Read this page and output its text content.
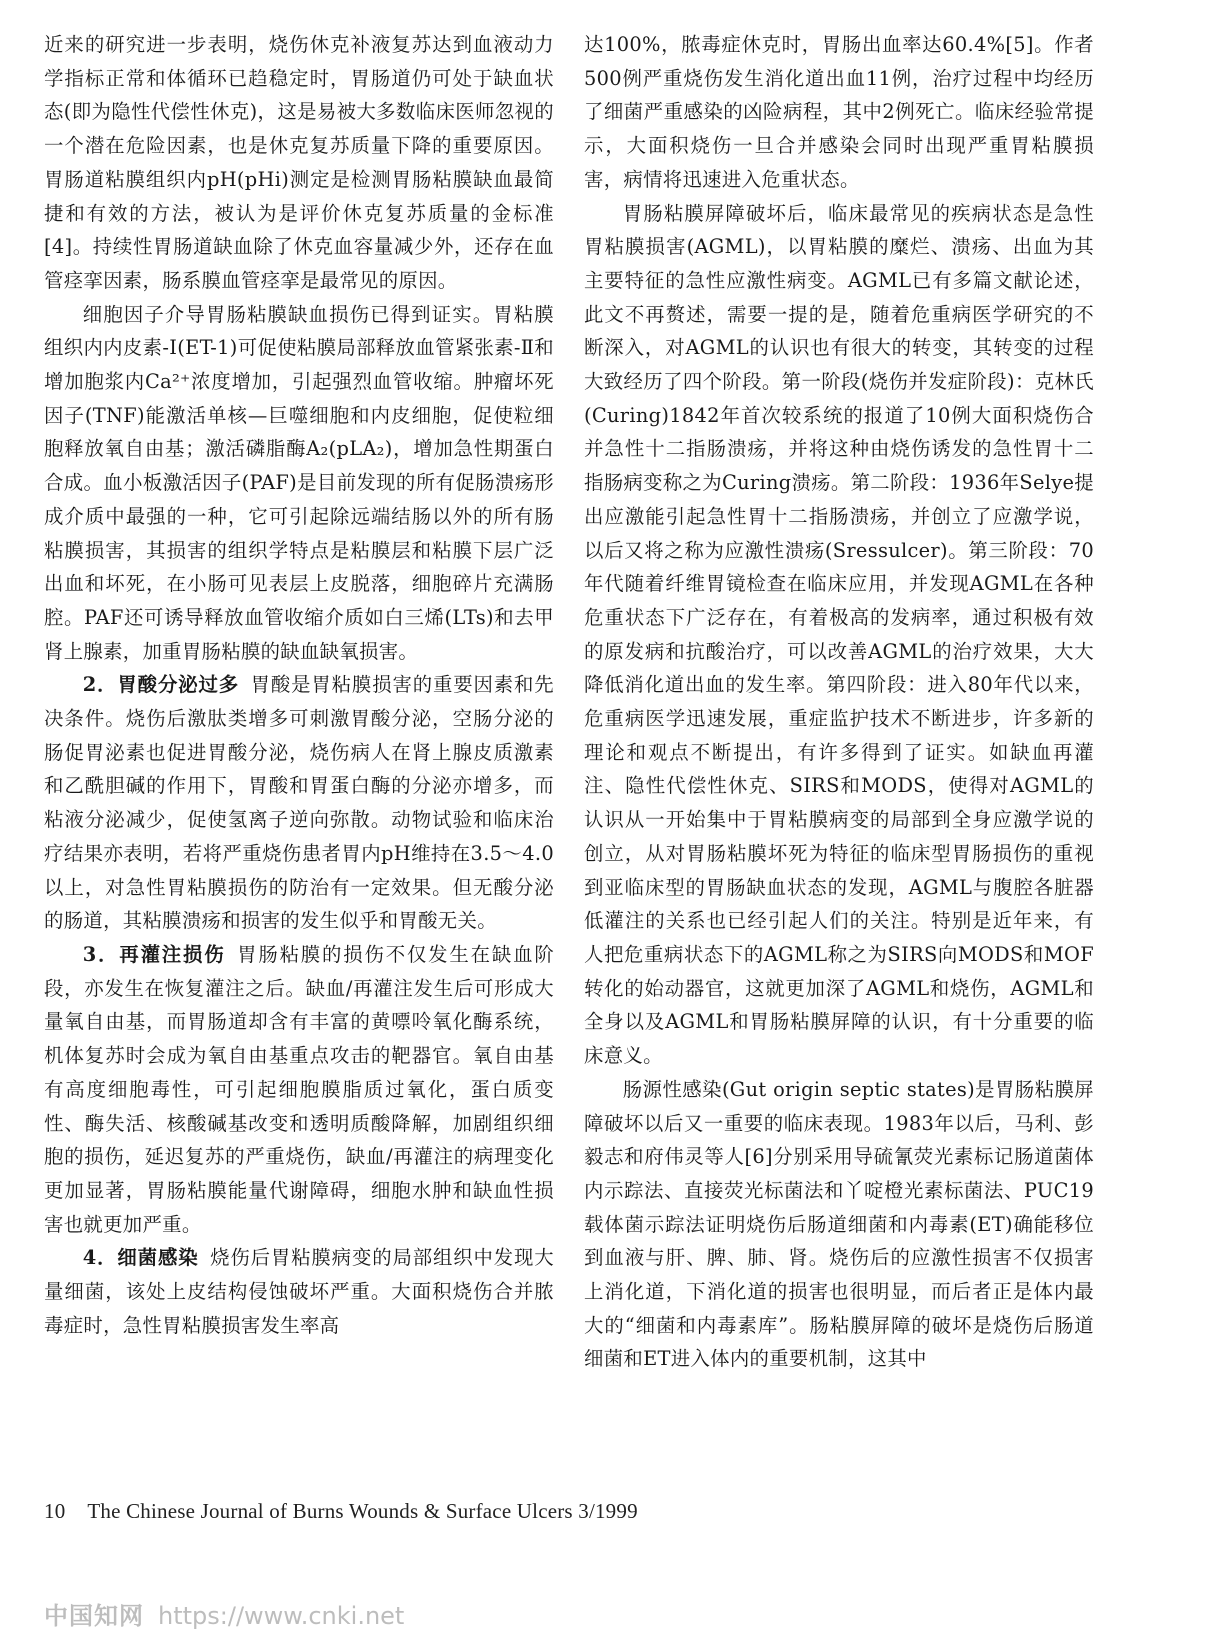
近来的研究进一步表明，烧伤休克补液复苏达到血液动力学指标正常和体循环已趋稳定时，胃肠道仍可处于缺血状态(即为隐性代偿性休克)，这是易被大多数临床医师忽视的一个潜在危险因素，也是休克复苏质量下降的重要原因。胃肠道粘膜组织内pH(pHi)测定是检测胃肠粘膜缺血最简捷和有效的方法，被认为是评价休克复苏质量的金标准[4]。持续性胃肠道缺血除了休克血容量减少外，还存在血管痉挛因素，肠系膜血管痉挛是最常见的原因。

细胞因子介导胃肠粘膜缺血损伤已得到证实。胃粘膜组织内内皮素-Ⅰ(ET-1)可促使粘膜局部释放血管紧张素-Ⅱ和增加胞浆内Ca²⁺浓度增加，引起强烈血管收缩。肿瘤坏死因子(TNF)能激活单核—巨噬细胞和内皮细胞，促使粒细胞释放氧自由基；激活磷脂酶A₂(pLA₂)，增加急性期蛋白合成。血小板激活因子(PAF)是目前发现的所有促肠溃疡形成介质中最强的一种，它可引起除远端结肠以外的所有肠粘膜损害，其损害的组织学特点是粘膜层和粘膜下层广泛出血和坏死，在小肠可见表层上皮脱落，细胞碎片充满肠腔。PAF还可诱导释放血管收缩介质如白三烯(LTs)和去甲肾上腺素，加重胃肠粘膜的缺血缺氧损害。

2．胃酸分泌过多 胃酸是胃粘膜损害的重要因素和先决条件。烧伤后激肽类增多可刺激胃酸分泌，空肠分泌的肠促胃泌素也促进胃酸分泌，烧伤病人在肾上腺皮质激素和乙酰胆碱的作用下，胃酸和胃蛋白酶的分泌亦增多，而粘液分泌减少，促使氢离子逆向弥散。动物试验和临床治疗结果亦表明，若将严重烧伤患者胃内pH维持在3.5～4.0以上，对急性胃粘膜损伤的防治有一定效果。但无酸分泌的肠道，其粘膜溃疡和损害的发生似乎和胃酸无关。

3．再灌注损伤 胃肠粘膜的损伤不仅发生在缺血阶段，亦发生在恢复灌注之后。缺血/再灌注发生后可形成大量氧自由基，而胃肠道却含有丰富的黄嘌呤氧化酶系统，机体复苏时会成为氧自由基重点攻击的靶器官。氧自由基有高度细胞毒性，可引起细胞膜脂质过氧化，蛋白质变性、酶失活、核酸碱基改变和透明质酸降解，加剧组织细胞的损伤，延迟复苏的严重烧伤，缺血/再灌注的病理变化更加显著，胃肠粘膜能量代谢障碍，细胞水肿和缺血性损害也就更加严重。

4．细菌感染 烧伤后胃粘膜病变的局部组织中发现大量细菌，该处上皮结构侵蚀破坏严重。大面积烧伤合并脓毒症时，急性胃粘膜损害发生率高

达100%，脓毒症休克时，胃肠出血率达60.4%[5]。作者500例严重烧伤发生消化道出血11例，治疗过程中均经历了细菌严重感染的凶险病程，其中2例死亡。临床经验常提示，大面积烧伤一旦合并感染会同时出现严重胃粘膜损害，病情将迅速进入危重状态。

胃肠粘膜屏障破坏后，临床最常见的疾病状态是急性胃粘膜损害(AGML)，以胃粘膜的糜烂、溃疡、出血为其主要特征的急性应激性病变。AGML已有多篇文献论述，此文不再赘述，需要一提的是，随着危重病医学研究的不断深入，对AGML的认识也有很大的转变，其转变的过程大致经历了四个阶段。第一阶段(烧伤并发症阶段)：克林氏(Curing)1842年首次较系统的报道了10例大面积烧伤合并急性十二指肠溃疡，并将这种由烧伤诱发的急性胃十二指肠病变称之为Curing溃疡。第二阶段：1936年Selye提出应激能引起急性胃十二指肠溃疡，并创立了应激学说，以后又将之称为应激性溃疡(Sressulcer)。第三阶段：70年代随着纤维胃镜检查在临床应用，并发现AGML在各种危重状态下广泛存在，有着极高的发病率，通过积极有效的原发病和抗酸治疗，可以改善AGML的治疗效果，大大降低消化道出血的发生率。第四阶段：进入80年代以来，危重病医学迅速发展，重症监护技术不断进步，许多新的理论和观点不断提出，有许多得到了证实。如缺血再灌注、隐性代偿性休克、SIRS和MODS，使得对AGML的认识从一开始集中于胃粘膜病变的局部到全身应激学说的创立，从对胃肠粘膜坏死为特征的临床型胃肠损伤的重视到亚临床型的胃肠缺血状态的发现，AGML与腹腔各脏器低灌注的关系也已经引起人们的关注。特别是近年来，有人把危重病状态下的AGML称之为SIRS向MODS和MOF转化的始动器官，这就更加深了AGML和烧伤，AGML和全身以及AGML和胃肠粘膜屏障的认识，有十分重要的临床意义。

肠源性感染(Gut origin septic states)是胃肠粘膜屏障破坏以后又一重要的临床表现。1983年以后，马利、彭毅志和府伟灵等人[6]分别采用导硫氰荧光素标记肠道菌体内示踪法、直接荧光标菌法和丫啶橙光素标菌法、PUC19载体菌示踪法证明烧伤后肠道细菌和内毒素(ET)确能移位到血液与肝、脾、肺、肾。烧伤后的应激性损害不仅损害上消化道，下消化道的损害也很明显，而后者正是体内最大的“细菌和内毒素库”。肠粘膜屏障的破坏是烧伤后肠道细菌和ET进入体内的重要机制，这其中

10 The Chinese Journal of Burns Wounds & Surface Ulcers 3/1999
中国知网 https://www.cnki.net
